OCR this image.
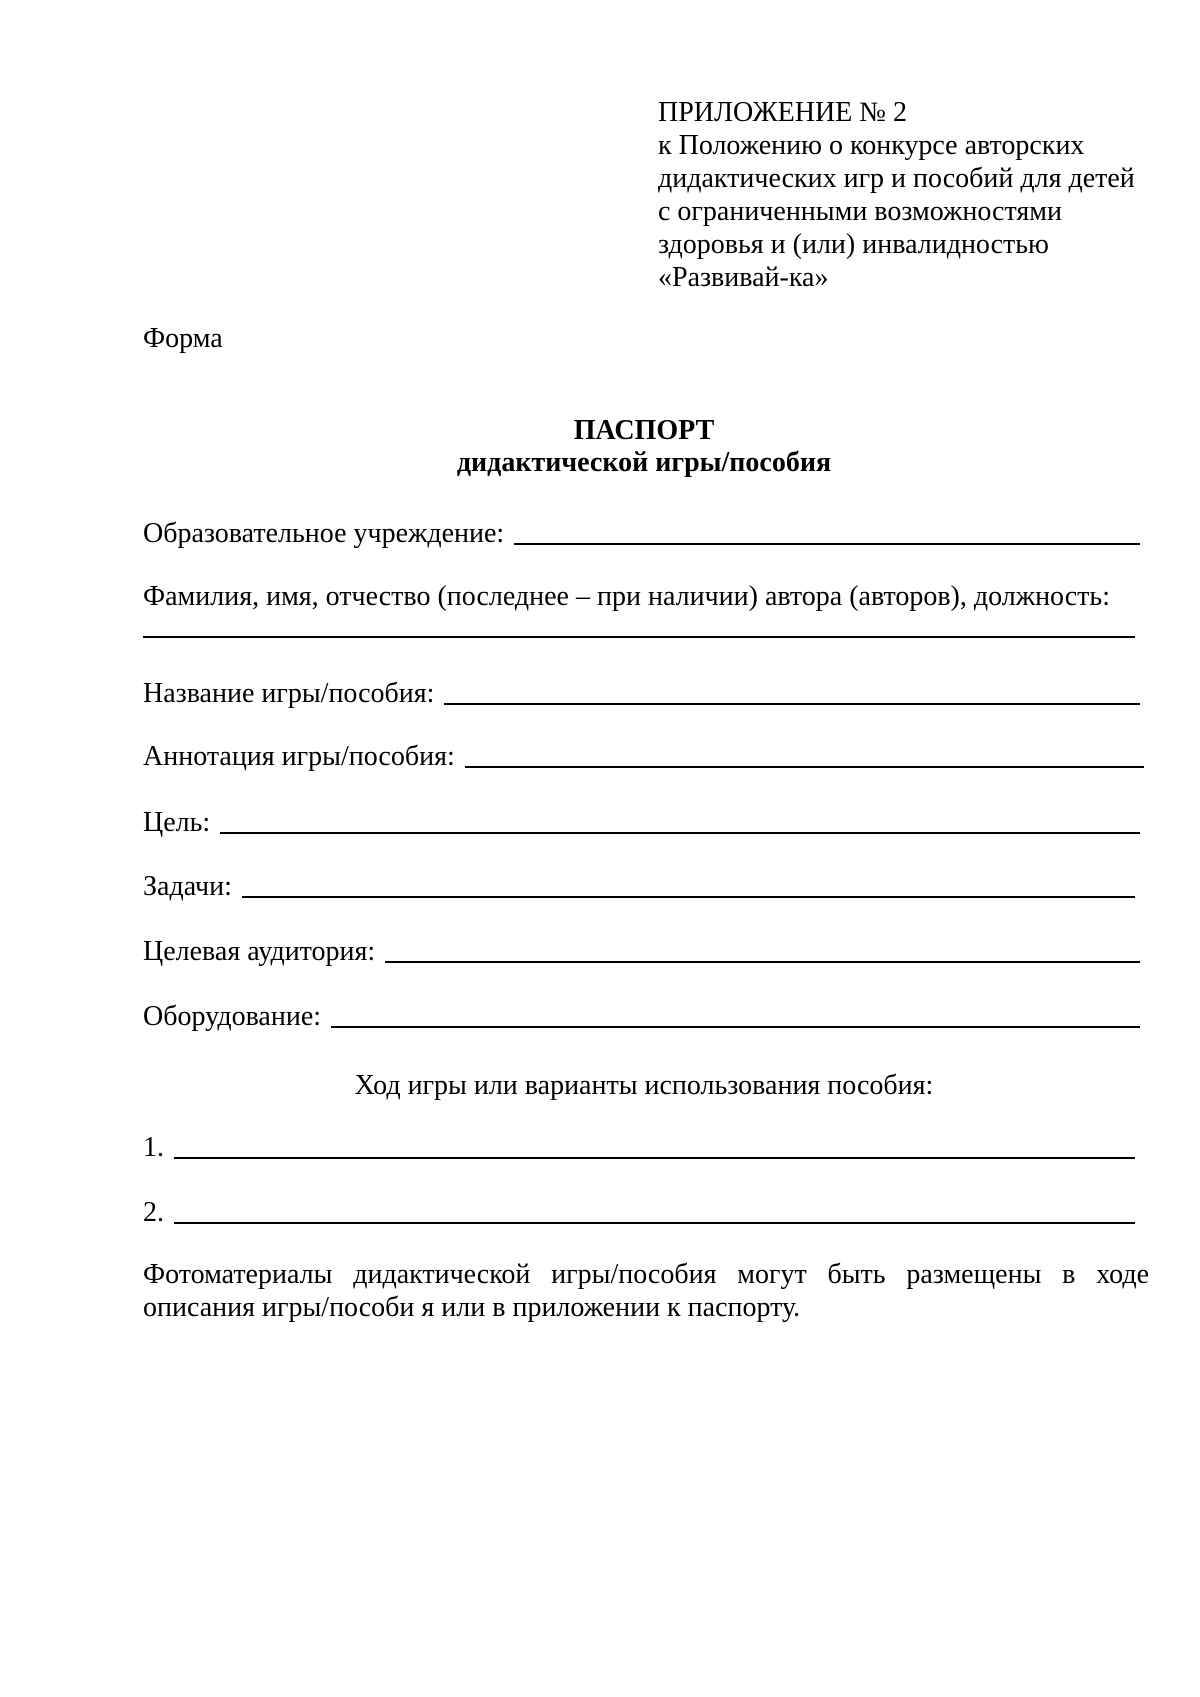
ПРИЛОЖЕНИЕ № 2
к Положению о конкурсе авторских
дидактических игр и пособий для детей
с ограниченными возможностями
здоровья и (или) инвалидностью
«Развивай-ка»
Форма
ПАСПОРТ
дидактической игры/пособия
Образовательное учреждение:
Фамилия, имя, отчество (последнее – при наличии) автора (авторов), должность:
Название игры/пособия:
Аннотация игры/пособия:
Цель:
Задачи:
Целевая аудитория:
Оборудование:
Ход игры или варианты использования пособия:
1.
2.
Фотоматериалы дидактической игры/пособия могут быть размещены в ходе
описания игры/пособи я или в приложении к паспорту.
